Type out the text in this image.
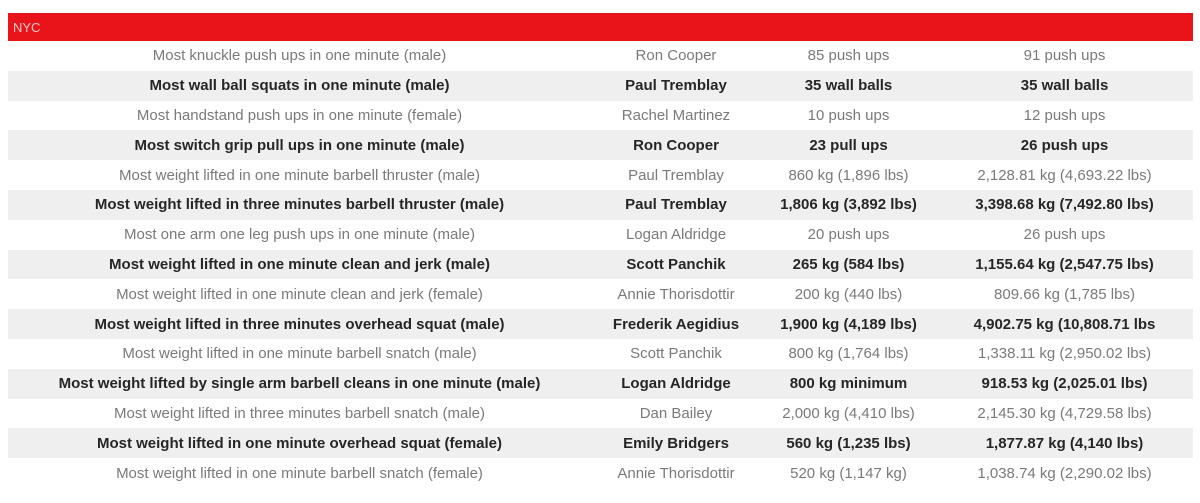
NYC			
Most knuckle push ups in one minute (male)	Ron Cooper	85 push ups	91 push ups
Most wall ball squats in one minute (male)	Paul Tremblay	35 wall balls	35 wall balls
Most handstand push ups in one minute (female)	Rachel Martinez	10 push ups	12 push ups
Most switch grip pull ups in one minute (male)	Ron Cooper	23 pull ups	26 push ups
Most weight lifted in one minute barbell thruster (male)	Paul Tremblay	860 kg (1,896 lbs)	2,128.81 kg (4,693.22 lbs)
Most weight lifted in three minutes barbell thruster (male)	Paul Tremblay	1,806 kg (3,892 lbs)	3,398.68 kg (7,492.80 lbs)
Most one arm one leg push ups in one minute (male)	Logan Aldridge	20 push ups	26 push ups
Most weight lifted in one minute clean and jerk (male)	Scott Panchik	265 kg (584 lbs)	1,155.64 kg (2,547.75 lbs)
Most weight lifted in one minute clean and jerk (female)	Annie Thorisdottir	200 kg (440 lbs)	809.66 kg (1,785 lbs)
Most weight lifted in three minutes overhead squat (male)	Frederik Aegidius	1,900 kg (4,189 lbs)	4,902.75 kg (10,808.71 lbs
Most weight lifted in one minute barbell snatch (male)	Scott Panchik	800 kg (1,764 lbs)	1,338.11 kg (2,950.02 lbs)
Most weight lifted by single arm barbell cleans in one minute (male)	Logan Aldridge	800 kg minimum	918.53 kg (2,025.01 lbs)
Most weight lifted in three minutes barbell snatch (male)	Dan Bailey	2,000 kg (4,410 lbs)	2,145.30 kg (4,729.58 lbs)
Most weight lifted in one minute overhead squat (female)	Emily Bridgers	560 kg (1,235 lbs)	1,877.87 kg (4,140 lbs)
Most weight lifted in one minute barbell snatch (female)	Annie Thorisdottir	520 kg (1,147 kg)	1,038.74 kg (2,290.02 lbs)
